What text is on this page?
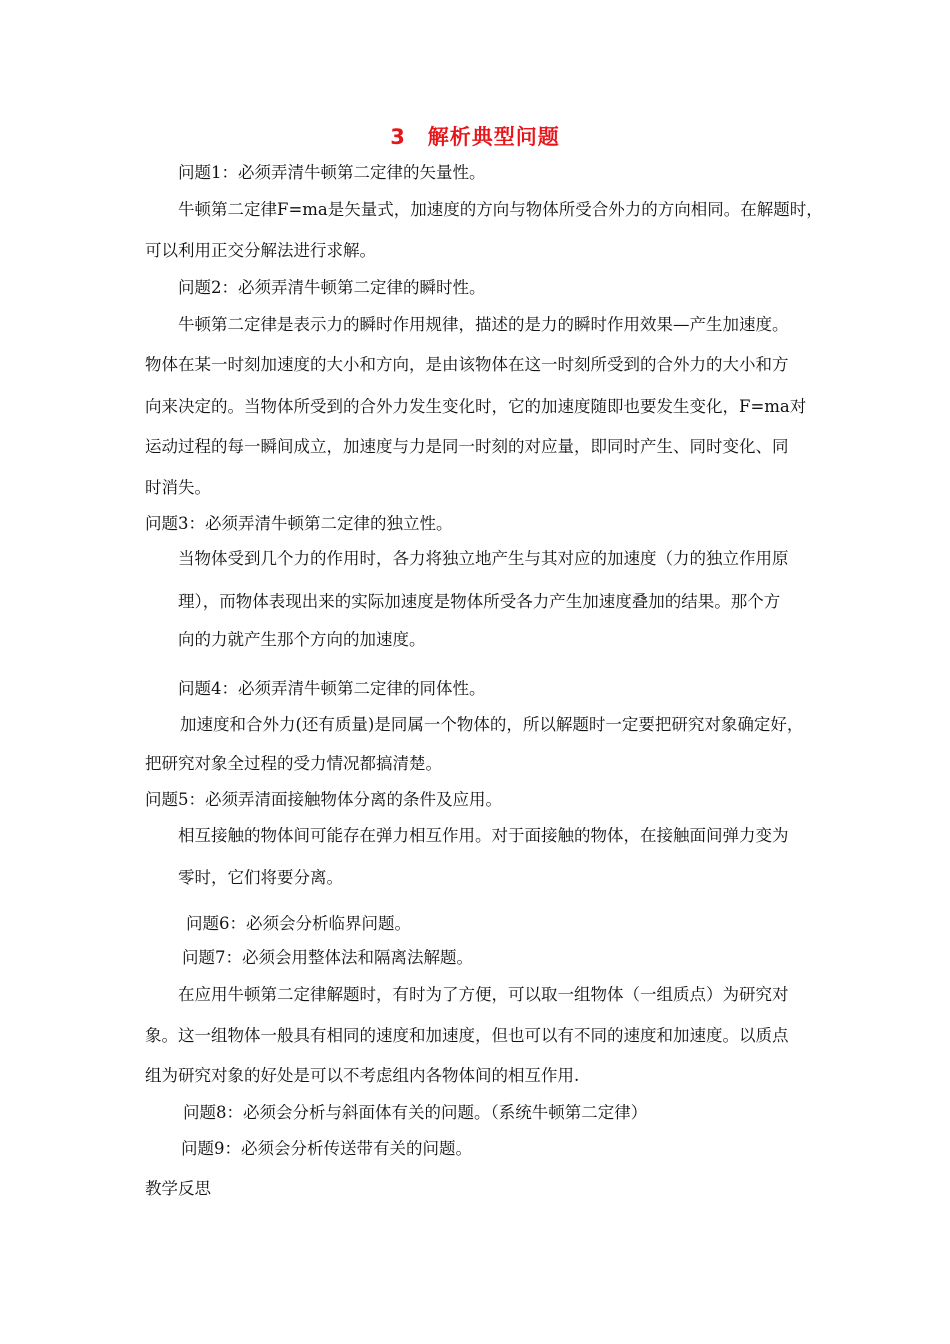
3　解析典型问题
问题1：必须弄清牛顿第二定律的矢量性。
牛顿第二定律F=ma是矢量式，加速度的方向与物体所受合外力的方向相同。在解题时，
可以利用正交分解法进行求解。
问题2：必须弄清牛顿第二定律的瞬时性。
牛顿第二定律是表示力的瞬时作用规律，描述的是力的瞬时作用效果—产生加速度。
物体在某一时刻加速度的大小和方向，是由该物体在这一时刻所受到的合外力的大小和方
向来决定的。当物体所受到的合外力发生变化时，它的加速度随即也要发生变化，F=ma对
运动过程的每一瞬间成立，加速度与力是同一时刻的对应量，即同时产生、同时变化、同
时消失。
问题3：必须弄清牛顿第二定律的独立性。
当物体受到几个力的作用时，各力将独立地产生与其对应的加速度（力的独立作用原
理），而物体表现出来的实际加速度是物体所受各力产生加速度叠加的结果。那个方
向的力就产生那个方向的加速度。
问题4：必须弄清牛顿第二定律的同体性。
加速度和合外力(还有质量)是同属一个物体的，所以解题时一定要把研究对象确定好，
把研究对象全过程的受力情况都搞清楚。
问题5：必须弄清面接触物体分离的条件及应用。
相互接触的物体间可能存在弹力相互作用。对于面接触的物体，在接触面间弹力变为
零时，它们将要分离。
问题6：必须会分析临界问题。
问题7：必须会用整体法和隔离法解题。
在应用牛顿第二定律解题时，有时为了方便，可以取一组物体（一组质点）为研究对
象。这一组物体一般具有相同的速度和加速度，但也可以有不同的速度和加速度。以质点
组为研究对象的好处是可以不考虑组内各物体间的相互作用.
问题8：必须会分析与斜面体有关的问题。（系统牛顿第二定律）
问题9：必须会分析传送带有关的问题。
教学反思
